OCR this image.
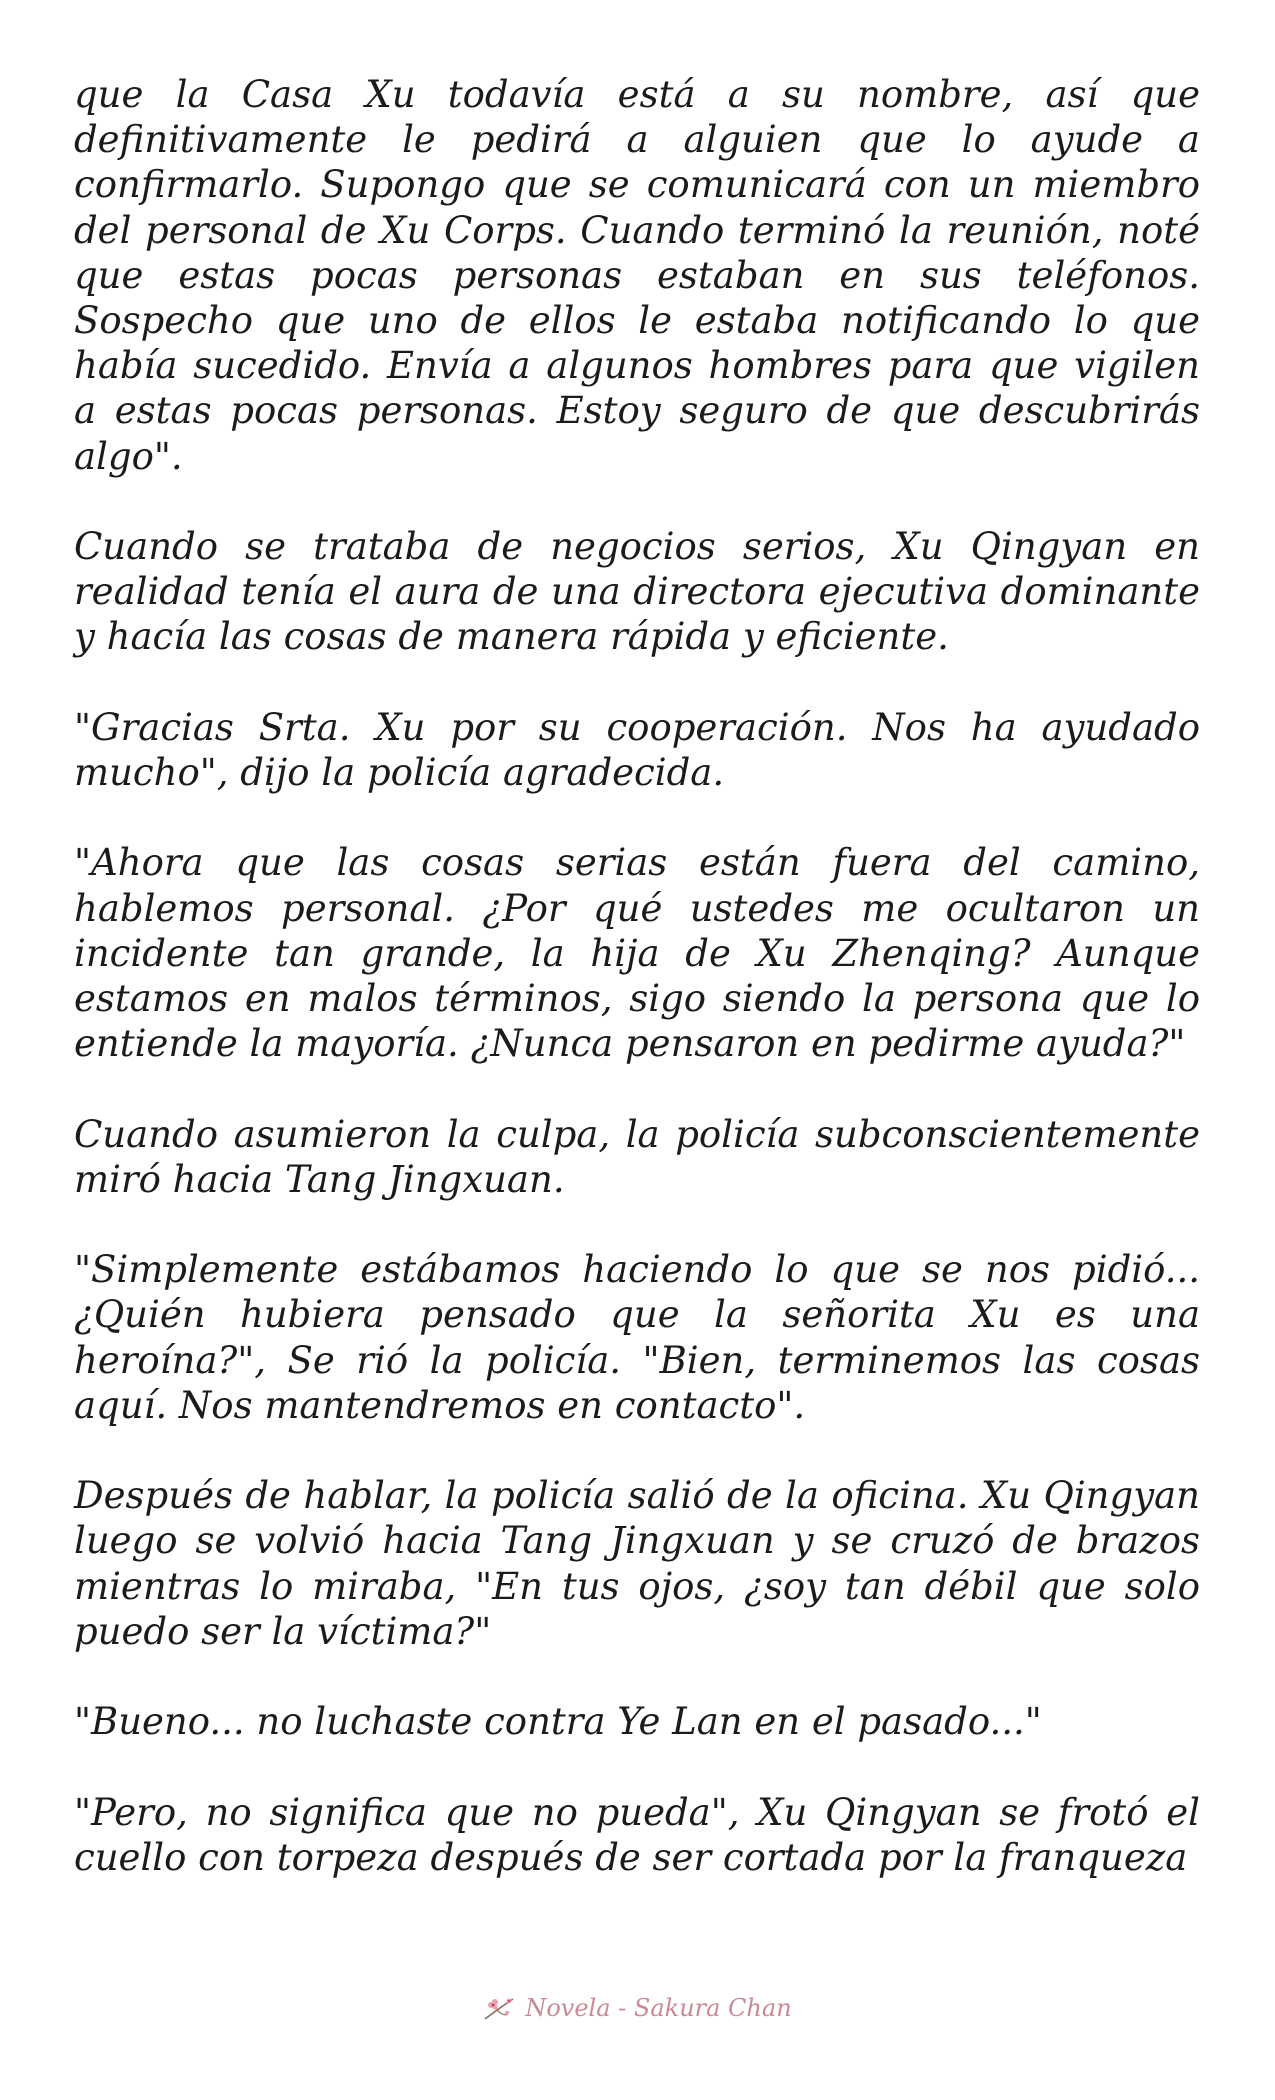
que la Casa Xu todavía está a su nombre, así que definitivamente le pedirá a alguien que lo ayude a confirmarlo. Supongo que se comunicará con un miembro del personal de Xu Corps. Cuando terminó la reunión, noté que estas pocas personas estaban en sus teléfonos. Sospecho que uno de ellos le estaba notificando lo que había sucedido. Envía a algunos hombres para que vigilen a estas pocas personas. Estoy seguro de que descubrirás algo".

Cuando se trataba de negocios serios, Xu Qingyan en realidad tenía el aura de una directora ejecutiva dominante y hacía las cosas de manera rápida y eficiente.

"Gracias Srta. Xu por su cooperación. Nos ha ayudado mucho", dijo la policía agradecida.

"Ahora que las cosas serias están fuera del camino, hablemos personal. ¿Por qué ustedes me ocultaron un incidente tan grande, la hija de Xu Zhenqing? Aunque estamos en malos términos, sigo siendo la persona que lo entiende la mayoría. ¿Nunca pensaron en pedirme ayuda?"

Cuando asumieron la culpa, la policía subconscientemente miró hacia Tang Jingxuan.

"Simplemente estábamos haciendo lo que se nos pidió... ¿Quién hubiera pensado que la señorita Xu es una heroína?", Se rió la policía. "Bien, terminemos las cosas aquí. Nos mantendremos en contacto".

Después de hablar, la policía salió de la oficina. Xu Qingyan luego se volvió hacia Tang Jingxuan y se cruzó de brazos mientras lo miraba, "En tus ojos, ¿soy tan débil que solo puedo ser la víctima?"

"Bueno... no luchaste contra Ye Lan en el pasado..."

"Pero, no significa que no pueda", Xu Qingyan se frotó el cuello con torpeza después de ser cortada por la franqueza

Novela - Sakura Chan
